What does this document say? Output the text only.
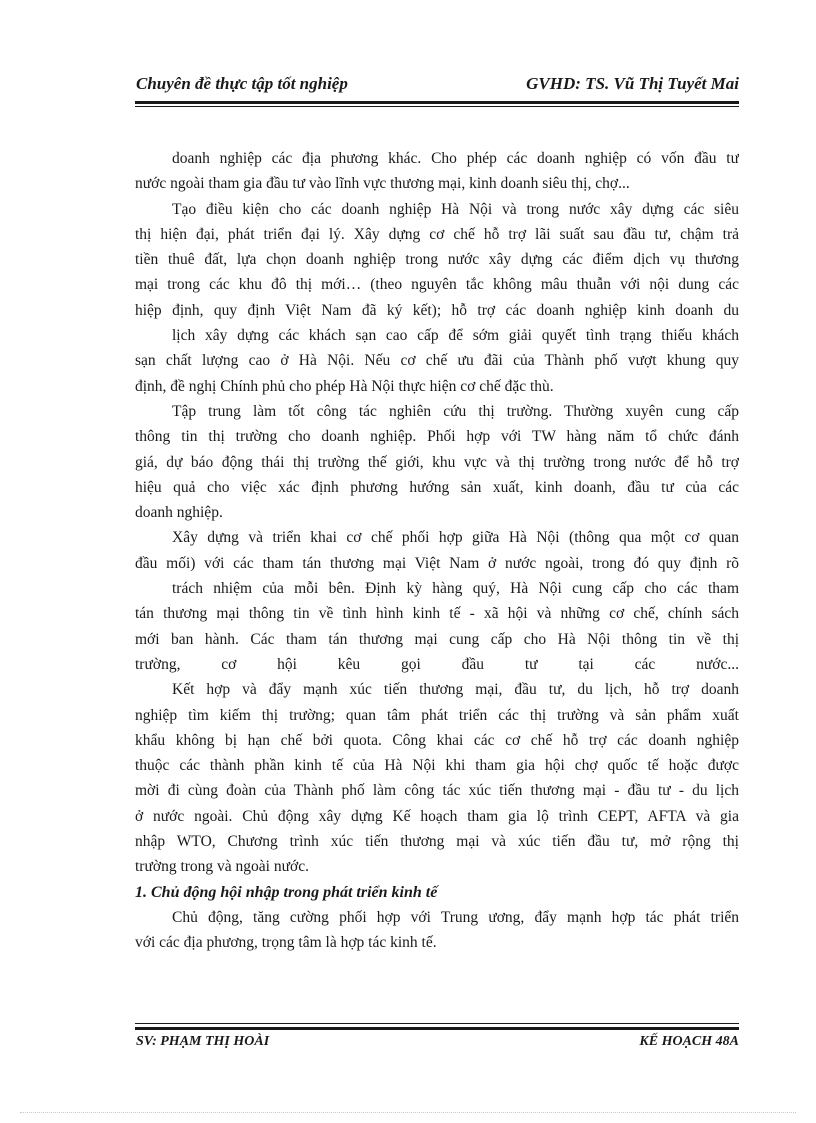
Chuyên đề thực tập tốt nghiệp	GVHD: TS. Vũ Thị Tuyết Mai
doanh nghiệp các địa phương khác. Cho phép các doanh nghiệp có vốn đầu tư
nước ngoài tham gia đầu tư vào lĩnh vực thương mại, kinh doanh siêu thị, chợ...
Tạo điều kiện cho các doanh nghiệp Hà Nội và trong nước xây dựng các siêu
thị hiện đại, phát triển đại lý. Xây dựng cơ chế hỗ trợ lãi suất sau đầu tư, chậm trả
tiền thuê đất, lựa chọn doanh nghiệp trong nước xây dựng các điểm dịch vụ thương
mại trong các khu đô thị mới… (theo nguyên tắc không mâu thuẫn với nội dung các
hiệp định, quy định Việt Nam đã ký kết); hỗ trợ các doanh nghiệp kinh doanh du
lịch xây dựng các khách sạn cao cấp để sớm giải quyết tình trạng thiếu khách
sạn chất lượng cao ở Hà Nội. Nếu cơ chế ưu đãi của Thành phố vượt khung quy
định, đề nghị Chính phủ cho phép Hà Nội thực hiện cơ chế đặc thù.
Tập trung làm tốt công tác nghiên cứu thị trường. Thường xuyên cung cấp
thông tin thị trường cho doanh nghiệp. Phối hợp với TW hàng năm tổ chức đánh
giá, dự báo động thái thị trường thế giới, khu vực và thị trường trong nước để hỗ trợ
hiệu quả cho việc xác định phương hướng sản xuất, kinh doanh, đầu tư của các
doanh nghiệp.
Xây dựng và triển khai cơ chế phối hợp giữa Hà Nội (thông qua một cơ quan
đầu mối) với các tham tán thương mại Việt Nam ở nước ngoài, trong đó quy định rõ
trách nhiệm của mỗi bên. Định kỳ hàng quý, Hà Nội cung cấp cho các tham
tán thương mại thông tin về tình hình kinh tế - xã hội và những cơ chế, chính sách
mới ban hành. Các tham tán thương mại cung cấp cho Hà Nội thông tin về thị
trường, cơ hội kêu gọi đầu tư tại các nước...
Kết hợp và đẩy mạnh xúc tiến thương mại, đầu tư, du lịch, hỗ trợ doanh
nghiệp tìm kiếm thị trường; quan tâm phát triển các thị trường và sản phẩm xuất
khẩu không bị hạn chế bởi quota. Công khai các cơ chế hỗ trợ các doanh nghiệp
thuộc các thành phần kinh tế của Hà Nội khi tham gia hội chợ quốc tế hoặc được
mời đi cùng đoàn của Thành phố làm công tác xúc tiến thương mại - đầu tư - du lịch
ở nước ngoài. Chủ động xây dựng Kế hoạch tham gia lộ trình CEPT, AFTA và gia
nhập WTO, Chương trình xúc tiến thương mại và xúc tiến đầu tư, mở rộng thị
trường trong và ngoài nước.
1. Chủ động hội nhập trong phát triển kinh tế
Chủ động, tăng cường phối hợp với Trung ương, đẩy mạnh hợp tác phát triển
với các địa phương, trọng tâm là hợp tác kinh tế.
SV: PHẠM THỊ HOÀI	KẾ HOẠCH 48A
